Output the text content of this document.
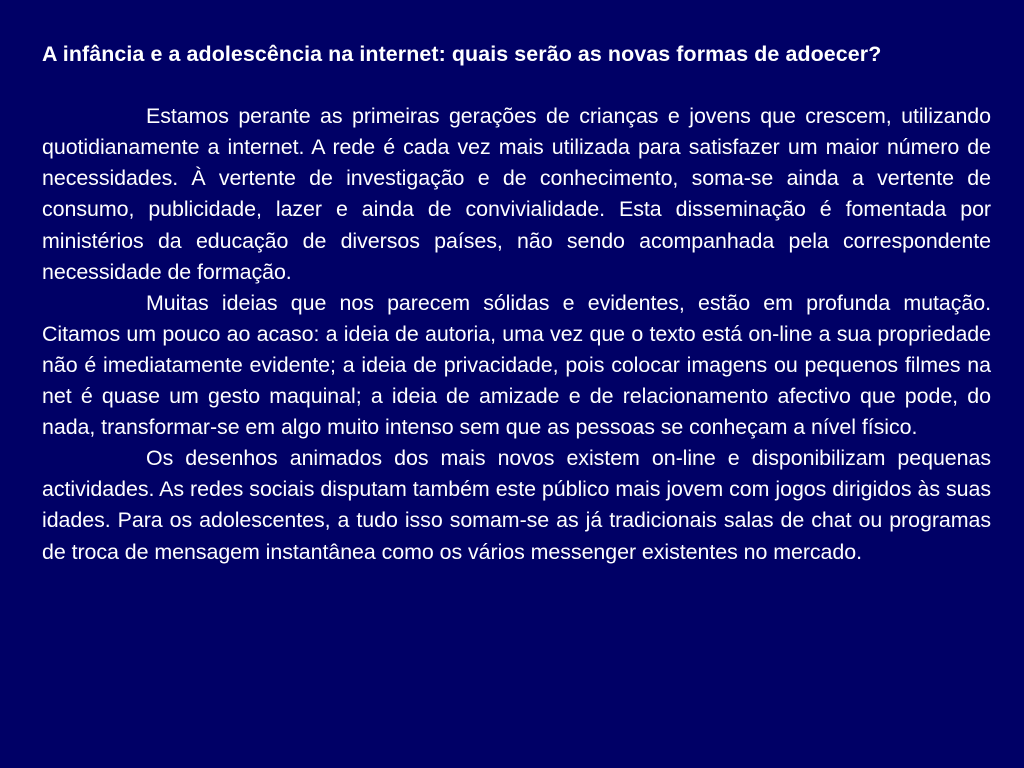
A infância e a adolescência na internet: quais serão as novas formas de adoecer?

Estamos perante as primeiras gerações de crianças e jovens que crescem, utilizando quotidianamente a internet. A rede é cada vez mais utilizada para satisfazer um maior número de necessidades. À vertente de investigação e de conhecimento, soma-se ainda a vertente de consumo, publicidade, lazer e ainda de convivialidade. Esta disseminação é fomentada por ministérios da educação de diversos países, não sendo acompanhada pela correspondente necessidade de formação.

Muitas ideias que nos parecem sólidas e evidentes, estão em profunda mutação. Citamos um pouco ao acaso: a ideia de autoria, uma vez que o texto está on-line a sua propriedade não é imediatamente evidente; a ideia de privacidade, pois colocar imagens ou pequenos filmes na net é quase um gesto maquinal; a ideia de amizade e de relacionamento afectivo que pode, do nada, transformar-se em algo muito intenso sem que as pessoas se conheçam a nível físico.

Os desenhos animados dos mais novos existem on-line e disponibilizam pequenas actividades. As redes sociais disputam também este público mais jovem com jogos dirigidos às suas idades. Para os adolescentes, a tudo isso somam-se as já tradicionais salas de chat ou programas de troca de mensagem instantânea como os vários messenger existentes no mercado.
